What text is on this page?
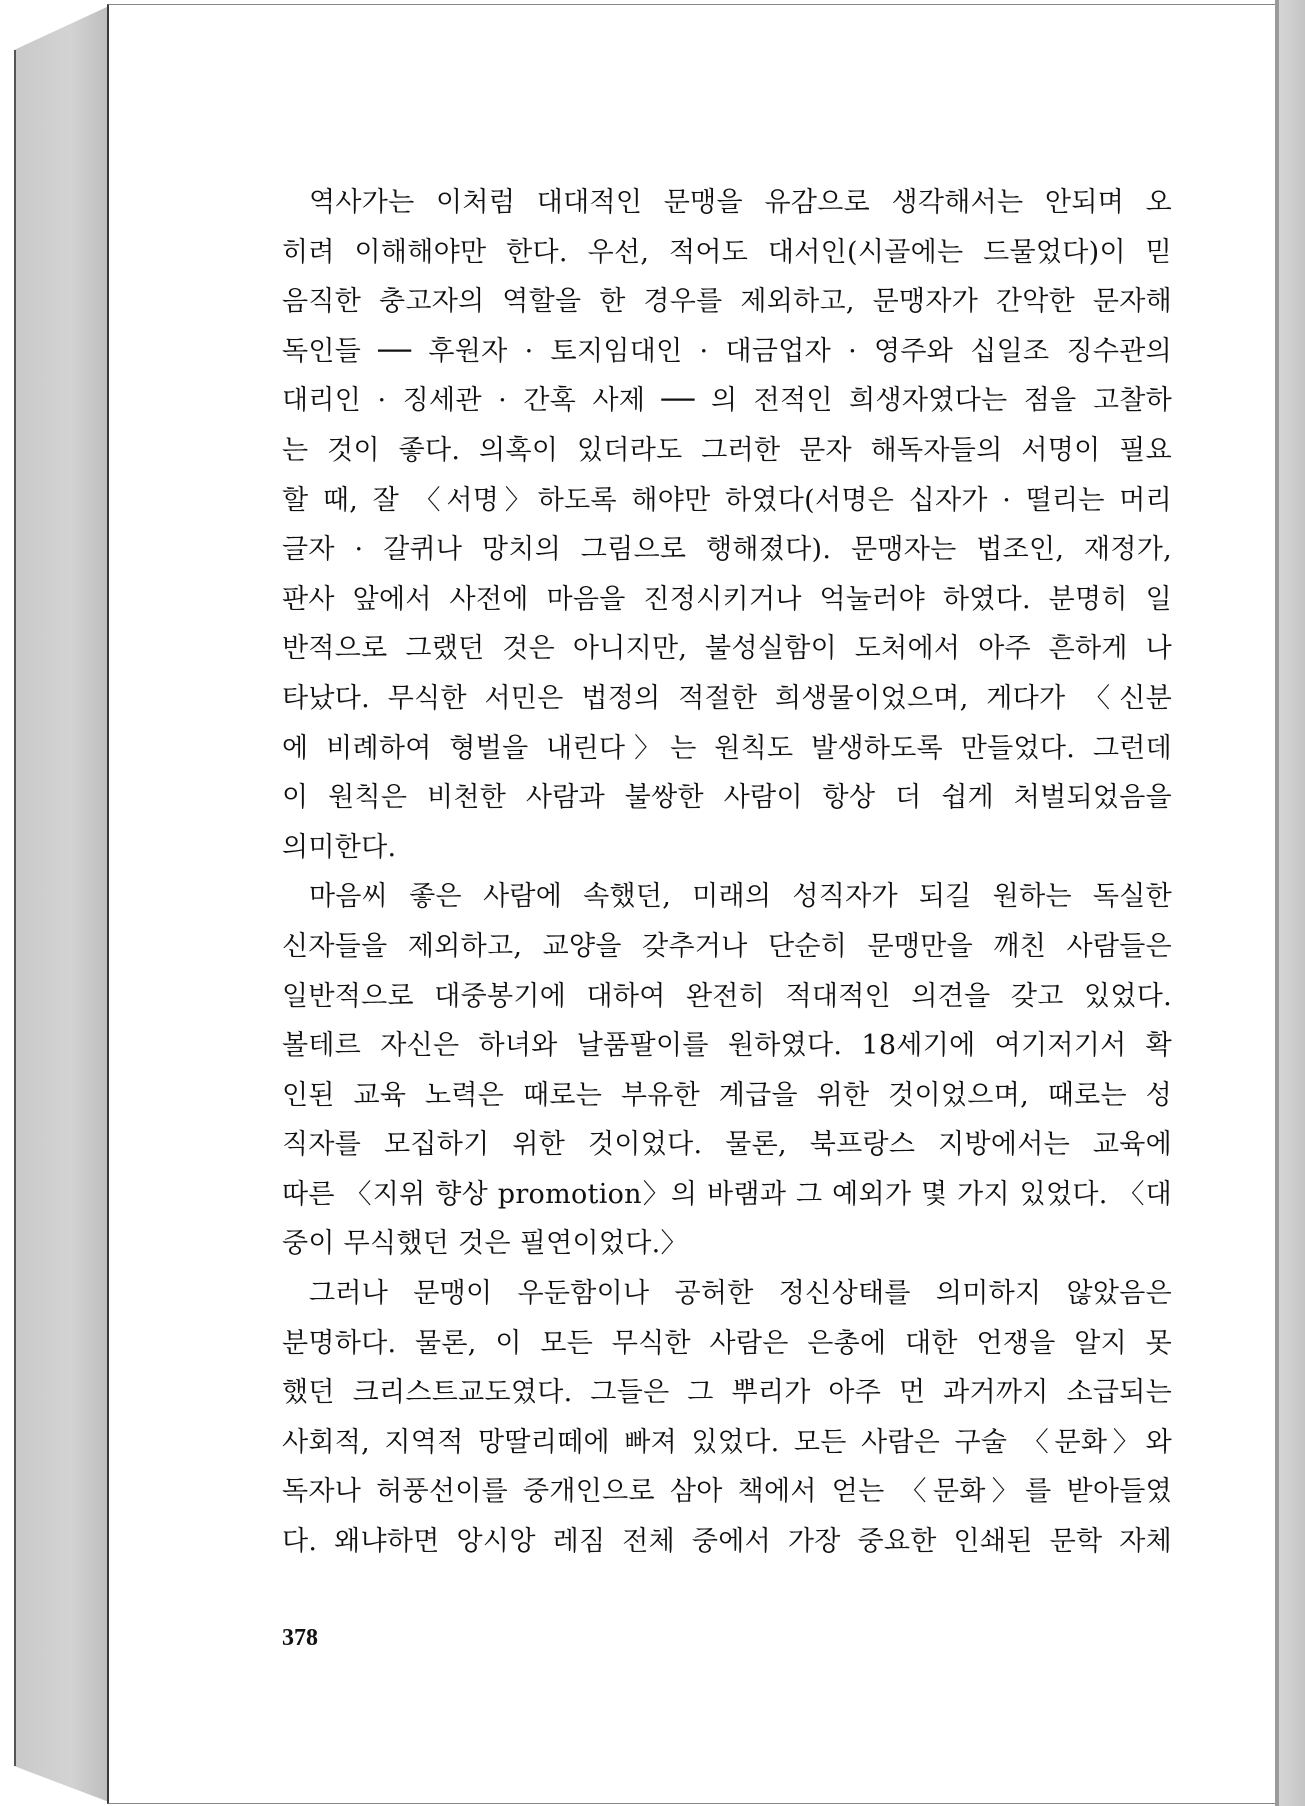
역사가는 이처럼 대대적인 문맹을 유감으로 생각해서는 안되며 오
히려 이해해야만 한다. 우선, 적어도 대서인(시골에는 드물었다)이 믿
음직한 충고자의 역할을 한 경우를 제외하고, 문맹자가 간악한 문자해
독인들 ── 후원자 · 토지임대인 · 대금업자 · 영주와 십일조 징수관의
대리인 · 징세관 · 간혹 사제 ── 의 전적인 희생자였다는 점을 고찰하
는 것이 좋다. 의혹이 있더라도 그러한 문자 해독자들의 서명이 필요
할 때, 잘 〈서명〉하도록 해야만 하였다(서명은 십자가 · 떨리는 머리
글자 · 갈퀴나 망치의 그림으로 행해졌다). 문맹자는 법조인, 재정가,
판사 앞에서 사전에 마음을 진정시키거나 억눌러야 하였다. 분명히 일
반적으로 그랬던 것은 아니지만, 불성실함이 도처에서 아주 흔하게 나
타났다. 무식한 서민은 법정의 적절한 희생물이었으며, 게다가 〈신분
에 비례하여 형벌을 내린다〉는 원칙도 발생하도록 만들었다. 그런데
이 원칙은 비천한 사람과 불쌍한 사람이 항상 더 쉽게 처벌되었음을
의미한다.
마음씨 좋은 사람에 속했던, 미래의 성직자가 되길 원하는 독실한
신자들을 제외하고, 교양을 갖추거나 단순히 문맹만을 깨친 사람들은
일반적으로 대중봉기에 대하여 완전히 적대적인 의견을 갖고 있었다.
볼테르 자신은 하녀와 날품팔이를 원하였다. 18세기에 여기저기서 확
인된 교육 노력은 때로는 부유한 계급을 위한 것이었으며, 때로는 성
직자를 모집하기 위한 것이었다. 물론, 북프랑스 지방에서는 교육에
따른 〈지위 향상 promotion〉의 바램과 그 예외가 몇 가지 있었다. 〈대
중이 무식했던 것은 필연이었다.〉
그러나 문맹이 우둔함이나 공허한 정신상태를 의미하지 않았음은
분명하다. 물론, 이 모든 무식한 사람은 은총에 대한 언쟁을 알지 못
했던 크리스트교도였다. 그들은 그 뿌리가 아주 먼 과거까지 소급되는
사회적, 지역적 망딸리떼에 빠져 있었다. 모든 사람은 구술 〈문화〉와
독자나 허풍선이를 중개인으로 삼아 책에서 얻는 〈문화〉를 받아들였
다. 왜냐하면 앙시앙 레짐 전체 중에서 가장 중요한 인쇄된 문학 자체
378
